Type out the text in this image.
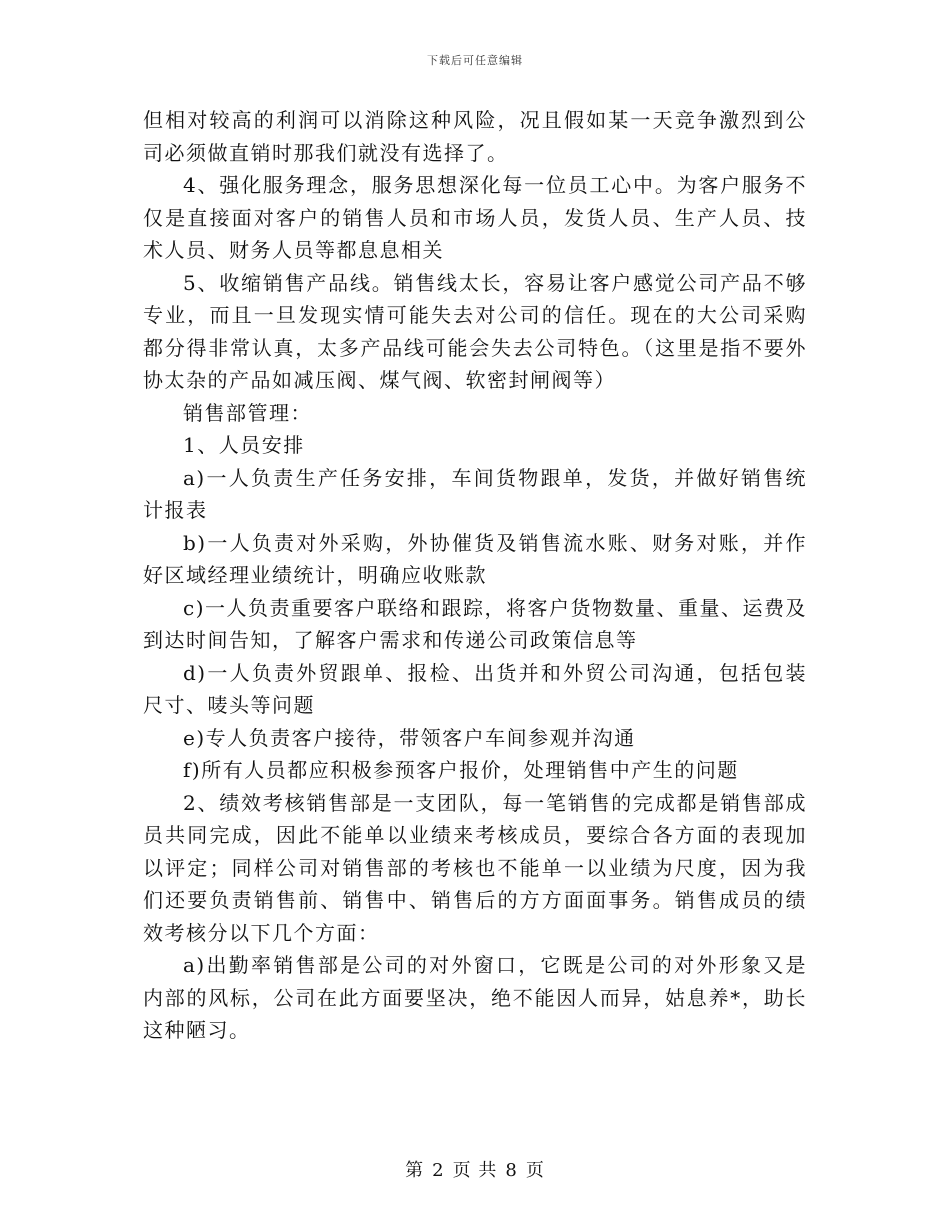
下载后可任意编辑

但相对较高的利润可以消除这种风险，况且假如某一天竞争激烈到公司必须做直销时那我们就没有选择了。

4、强化服务理念，服务思想深化每一位员工心中。为客户服务不仅是直接面对客户的销售人员和市场人员，发货人员、生产人员、技术人员、财务人员等都息息相关

5、收缩销售产品线。销售线太长，容易让客户感觉公司产品不够专业，而且一旦发现实情可能失去对公司的信任。现在的大公司采购都分得非常认真，太多产品线可能会失去公司特色。（这里是指不要外协太杂的产品如减压阀、煤气阀、软密封闸阀等）

销售部管理：

1、人员安排

a)一人负责生产任务安排，车间货物跟单，发货，并做好销售统计报表

b)一人负责对外采购，外协催货及销售流水账、财务对账，并作好区域经理业绩统计，明确应收账款

c)一人负责重要客户联络和跟踪，将客户货物数量、重量、运费及到达时间告知，了解客户需求和传递公司政策信息等

d)一人负责外贸跟单、报检、出货并和外贸公司沟通，包括包装尺寸、唛头等问题

e)专人负责客户接待，带领客户车间参观并沟通

f)所有人员都应积极参预客户报价，处理销售中产生的问题

2、绩效考核销售部是一支团队，每一笔销售的完成都是销售部成员共同完成，因此不能单以业绩来考核成员，要综合各方面的表现加以评定；同样公司对销售部的考核也不能单一以业绩为尺度，因为我们还要负责销售前、销售中、销售后的方方面面事务。销售成员的绩效考核分以下几个方面：

a)出勤率销售部是公司的对外窗口，它既是公司的对外形象又是内部的风标，公司在此方面要坚决，绝不能因人而异，姑息养*，助长这种陋习。

第 2 页 共 8 页
